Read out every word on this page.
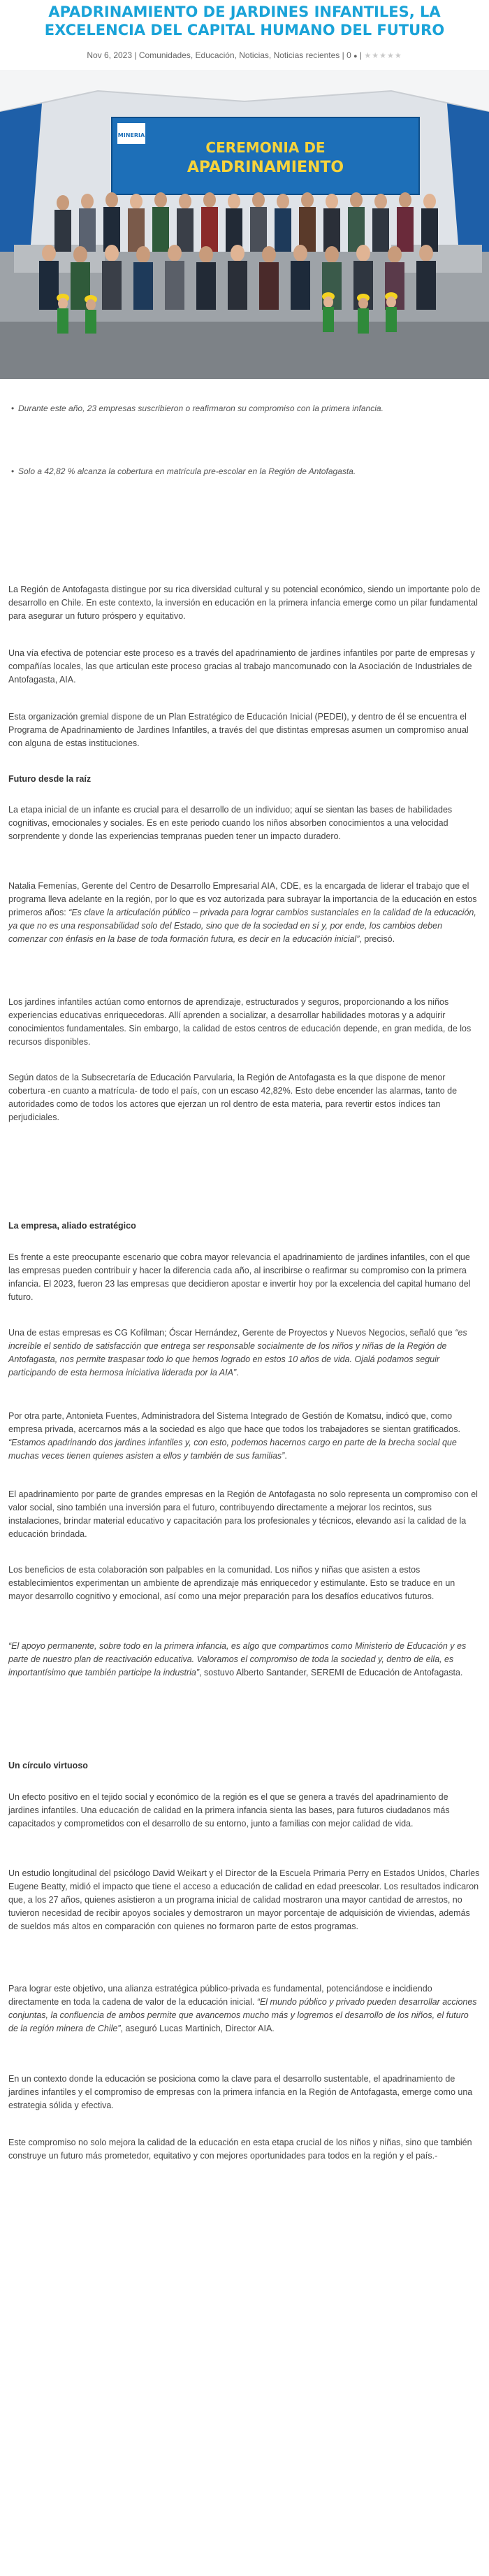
APADRINAMIENTO DE JARDINES INFANTILES, LA EXCELENCIA DEL CAPITAL HUMANO DEL FUTURO
Nov 6, 2023 | Comunidades, Educación, Noticias, Noticias recientes | 0 ● | ★★★★★
MINERIA
CEREMONIA DE
APADRINAMIENTO
• Durante este año, 23 empresas suscribieron o reafirmaron su compromiso con la primera infancia.
• Solo a 42,82 % alcanza la cobertura en matrícula pre-escolar en la Región de Antofagasta.
La Región de Antofagasta distingue por su rica diversidad cultural y su potencial económico, siendo un importante polo de desarrollo en Chile. En este contexto, la inversión en educación en la primera infancia emerge como un pilar fundamental para asegurar un futuro próspero y equitativo.
Una vía efectiva de potenciar este proceso es a través del apadrinamiento de jardines infantiles por parte de empresas y compañías locales, las que articulan este proceso gracias al trabajo mancomunado con la Asociación de Industriales de Antofagasta, AIA.
Esta organización gremial dispone de un Plan Estratégico de Educación Inicial (PEDEI), y dentro de él se encuentra el Programa de Apadrinamiento de Jardines Infantiles, a través del que distintas empresas asumen un compromiso anual con alguna de estas instituciones.
Futuro desde la raíz
La etapa inicial de un infante es crucial para el desarrollo de un individuo; aquí se sientan las bases de habilidades cognitivas, emocionales y sociales. Es en este periodo cuando los niños absorben conocimientos a una velocidad sorprendente y donde las experiencias tempranas pueden tener un impacto duradero.
Natalia Femenías, Gerente del Centro de Desarrollo Empresarial AIA, CDE, es la encargada de liderar el trabajo que el programa lleva adelante en la región, por lo que es voz autorizada para subrayar la importancia de la educación en estos primeros años: “Es clave la articulación público – privada para lograr cambios sustanciales en la calidad de la educación, ya que no es una responsabilidad solo del Estado, sino que de la sociedad en sí y, por ende, los cambios deben comenzar con énfasis en la base de toda formación futura, es decir en la educación inicial”, precisó.
Los jardines infantiles actúan como entornos de aprendizaje, estructurados y seguros, proporcionando a los niños experiencias educativas enriquecedoras. Allí aprenden a socializar, a desarrollar habilidades motoras y a adquirir conocimientos fundamentales. Sin embargo, la calidad de estos centros de educación depende, en gran medida, de los recursos disponibles.
Según datos de la Subsecretaría de Educación Parvularia, la Región de Antofagasta es la que dispone de menor cobertura -en cuanto a matrícula- de todo el país, con un escaso 42,82%. Esto debe encender las alarmas, tanto de autoridades como de todos los actores que ejerzan un rol dentro de esta materia, para revertir estos índices tan perjudiciales.
La empresa, aliado estratégico
Es frente a este preocupante escenario que cobra mayor relevancia el apadrinamiento de jardines infantiles, con el que las empresas pueden contribuir y hacer la diferencia cada año, al inscribirse o reafirmar su compromiso con la primera infancia. El 2023, fueron 23 las empresas que decidieron apostar e invertir hoy por la excelencia del capital humano del futuro.
Una de estas empresas es CG Kofilman; Óscar Hernández, Gerente de Proyectos y Nuevos Negocios, señaló que “es increíble el sentido de satisfacción que entrega ser responsable socialmente de los niños y niñas de la Región de Antofagasta, nos permite traspasar todo lo que hemos logrado en estos 10 años de vida. Ojalá podamos seguir participando de esta hermosa iniciativa liderada por la AIA”.
Por otra parte, Antonieta Fuentes, Administradora del Sistema Integrado de Gestión de Komatsu, indicó que, como empresa privada, acercarnos más a la sociedad es algo que hace que todos los trabajadores se sientan gratificados. “Estamos apadrinando dos jardines infantiles y, con esto, podemos hacernos cargo en parte de la brecha social que muchas veces tienen quienes asisten a ellos y también de sus familias”.
El apadrinamiento por parte de grandes empresas en la Región de Antofagasta no solo representa un compromiso con el valor social, sino también una inversión para el futuro, contribuyendo directamente a mejorar los recintos, sus instalaciones, brindar material educativo y capacitación para los profesionales y técnicos, elevando así la calidad de la educación brindada.
Los beneficios de esta colaboración son palpables en la comunidad. Los niños y niñas que asisten a estos establecimientos experimentan un ambiente de aprendizaje más enriquecedor y estimulante. Esto se traduce en un mayor desarrollo cognitivo y emocional, así como una mejor preparación para los desafíos educativos futuros.
“El apoyo permanente, sobre todo en la primera infancia, es algo que compartimos como Ministerio de Educación y es parte de nuestro plan de reactivación educativa. Valoramos el compromiso de toda la sociedad y, dentro de ella, es importantísimo que también participe la industria”, sostuvo Alberto Santander, SEREMI de Educación de Antofagasta.
Un círculo virtuoso
Un efecto positivo en el tejido social y económico de la región es el que se genera a través del apadrinamiento de jardines infantiles. Una educación de calidad en la primera infancia sienta las bases, para futuros ciudadanos más capacitados y comprometidos con el desarrollo de su entorno, junto a familias con mejor calidad de vida.
Un estudio longitudinal del psicólogo David Weikart y el Director de la Escuela Primaria Perry en Estados Unidos, Charles Eugene Beatty, midió el impacto que tiene el acceso a educación de calidad en edad preescolar. Los resultados indicaron que, a los 27 años, quienes asistieron a un programa inicial de calidad mostraron una mayor cantidad de arrestos, no tuvieron necesidad de recibir apoyos sociales y demostraron un mayor porcentaje de adquisición de viviendas, además de sueldos más altos en comparación con quienes no formaron parte de estos programas.
Para lograr este objetivo, una alianza estratégica público-privada es fundamental, potenciándose e incidiendo directamente en toda la cadena de valor de la educación inicial. “El mundo público y privado pueden desarrollar acciones conjuntas, la confluencia de ambos permite que avancemos mucho más y logremos el desarrollo de los niños, el futuro de la región minera de Chile”, aseguró Lucas Martinich, Director AIA.
En un contexto donde la educación se posiciona como la clave para el desarrollo sustentable, el apadrinamiento de jardines infantiles y el compromiso de empresas con la primera infancia en la Región de Antofagasta, emerge como una estrategia sólida y efectiva.
Este compromiso no solo mejora la calidad de la educación en esta etapa crucial de los niños y niñas, sino que también construye un futuro más prometedor, equitativo y con mejores oportunidades para todos en la región y el país.-
